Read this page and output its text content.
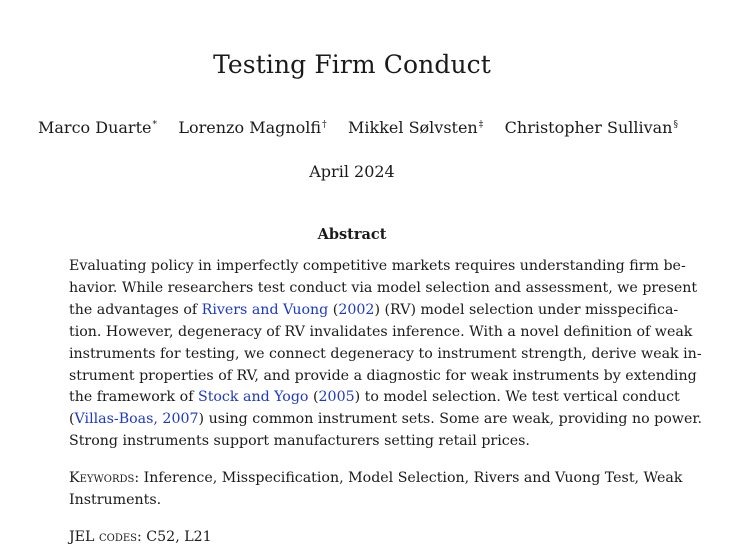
Testing Firm Conduct
Marco Duarte* Lorenzo Magnolfi† Mikkel Sølvsten‡ Christopher Sullivan§
April 2024
Abstract
Evaluating policy in imperfectly competitive markets requires understanding firm be-
havior. While researchers test conduct via model selection and assessment, we present
the advantages of Rivers and Vuong (2002) (RV) model selection under misspecifica-
tion. However, degeneracy of RV invalidates inference. With a novel definition of weak
instruments for testing, we connect degeneracy to instrument strength, derive weak in-
strument properties of RV, and provide a diagnostic for weak instruments by extending
the framework of Stock and Yogo (2005) to model selection. We test vertical conduct
(Villas-Boas, 2007) using common instrument sets. Some are weak, providing no power.
Strong instruments support manufacturers setting retail prices.
Keywords: Inference, Misspecification, Model Selection, Rivers and Vuong Test, Weak
Instruments.
JEL codes: C52, L21
